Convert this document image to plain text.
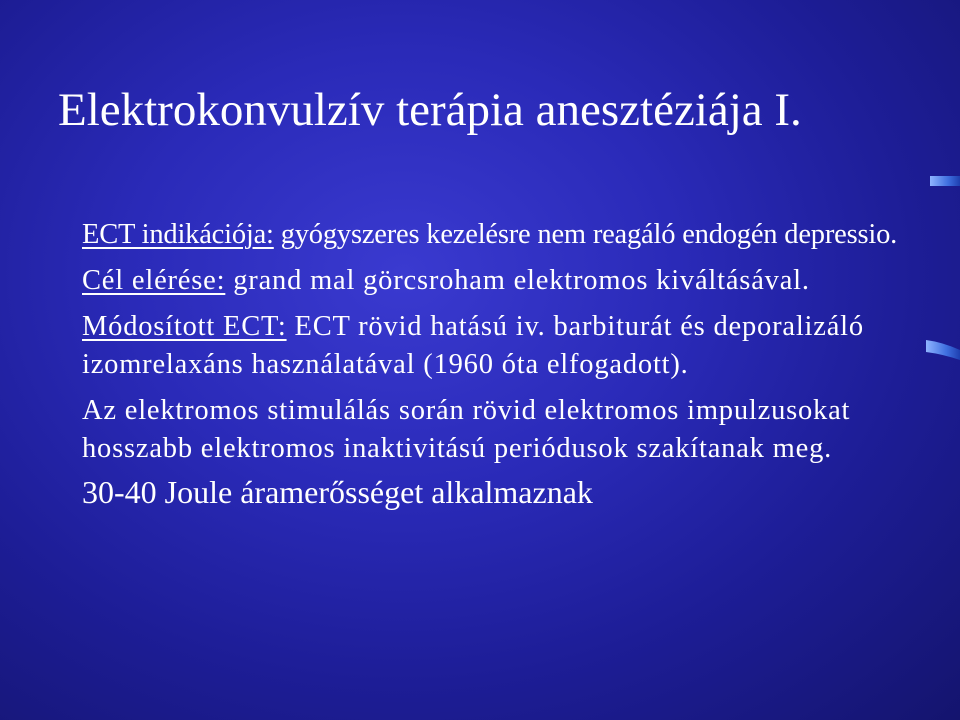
Elektrokonvulzív terápia anesztéziája I.

ECT indikációja: gyógyszeres kezelésre nem reagáló endogén depressio.

Cél elérése: grand mal görcsroham elektromos kiváltásával.

Módosított ECT: ECT rövid hatású iv. barbiturát és deporalizáló izomrelaxáns használatával (1960 óta elfogadott).

Az elektromos stimulálás során rövid elektromos impulzusokat hosszabb elektromos inaktivitású periódusok szakítanak meg.

30-40 Joule áramerősséget alkalmaznak
